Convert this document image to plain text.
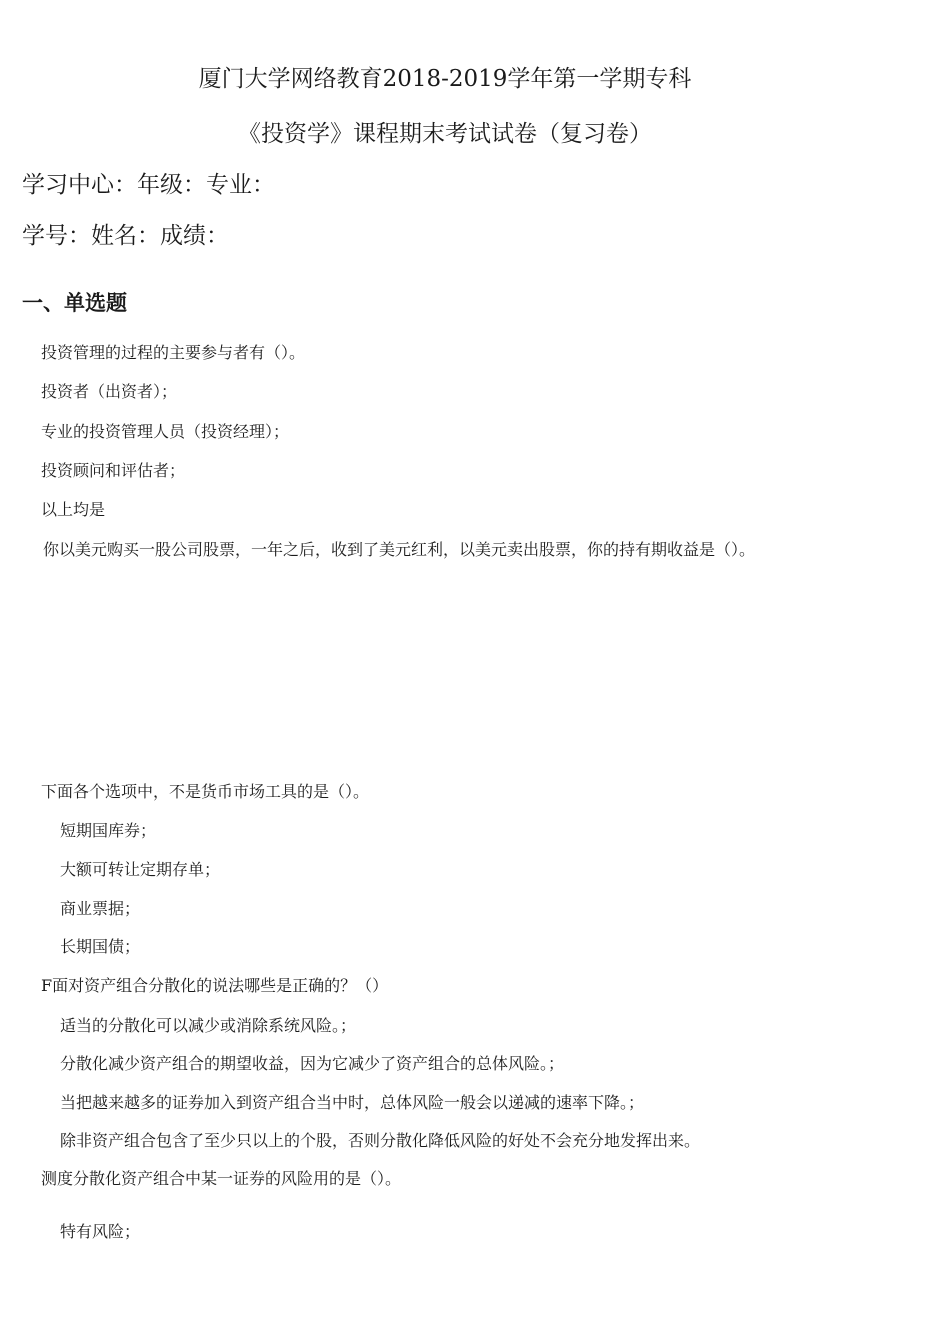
厦门大学网络教育2018-2019学年第一学期专科
《投资学》课程期末考试试卷（复习卷）
学习中心：年级：专业：
学号：姓名：成绩：
一、单选题
投资管理的过程的主要参与者有（）。
投资者（出资者）；
专业的投资管理人员（投资经理）；
投资顾问和评估者；
以上均是
你以美元购买一股公司股票，一年之后，收到了美元红利，以美元卖出股票，你的持有期收益是（）。
下面各个选项中，不是货币市场工具的是（）。
短期国库券；
大额可转让定期存单；
商业票据；
长期国债；
F面对资产组合分散化的说法哪些是正确的？（）
适当的分散化可以减少或消除系统风险。；
分散化减少资产组合的期望收益，因为它减少了资产组合的总体风险。；
当把越来越多的证券加入到资产组合当中时，总体风险一般会以递减的速率下降。；
除非资产组合包含了至少只以上的个股，否则分散化降低风险的好处不会充分地发挥出来。
测度分散化资产组合中某一证券的风险用的是（）。
特有风险；
